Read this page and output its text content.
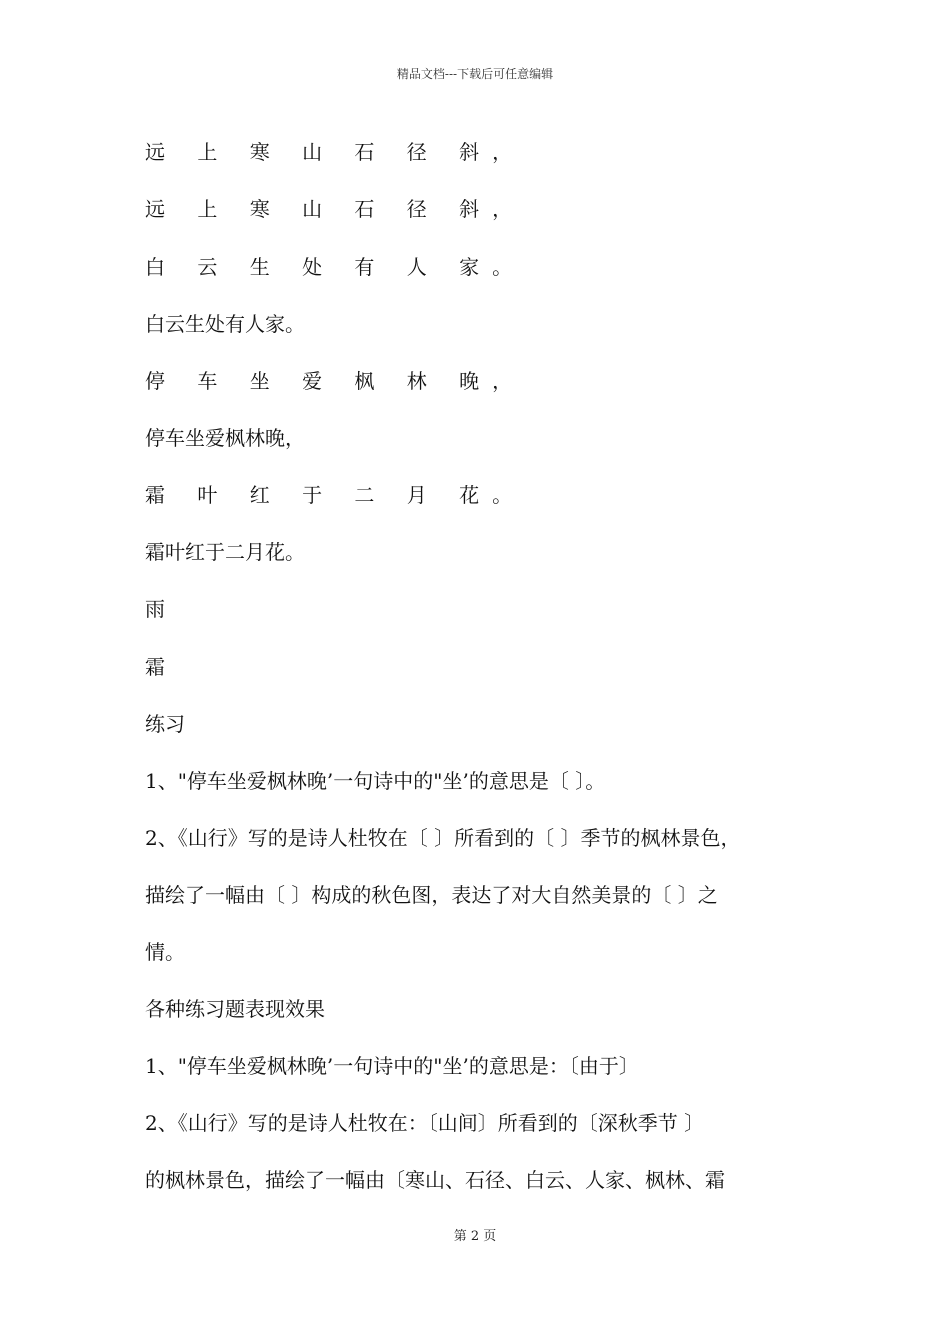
精品文档---下载后可任意编辑
远 上 寒 山 石 径 斜，
远 上 寒 山 石 径 斜，
白 云 生 处 有 人 家。
白云生处有人家。
停 车 坐 爱 枫 林 晚，
停车坐爱枫林晚，
霜 叶 红 于 二 月 花。
霜叶红于二月花。
雨
霜
练习
1、"停车坐爱枫林晚’一句诗中的"坐’的意思是〔 〕。
2、《山行》写的是诗人杜牧在〔 〕所看到的〔 〕季节的枫林景色，
描绘了一幅由〔 〕构成的秋色图，表达了对大自然美景的〔 〕之
情。
各种练习题表现效果
1、"停车坐爱枫林晚’一句诗中的"坐’的意思是：〔由于〕
2、《山行》写的是诗人杜牧在：〔山间〕所看到的〔深秋季节 〕
的枫林景色，描绘了一幅由〔寒山、石径、白云、人家、枫林、霜
第 2 页
